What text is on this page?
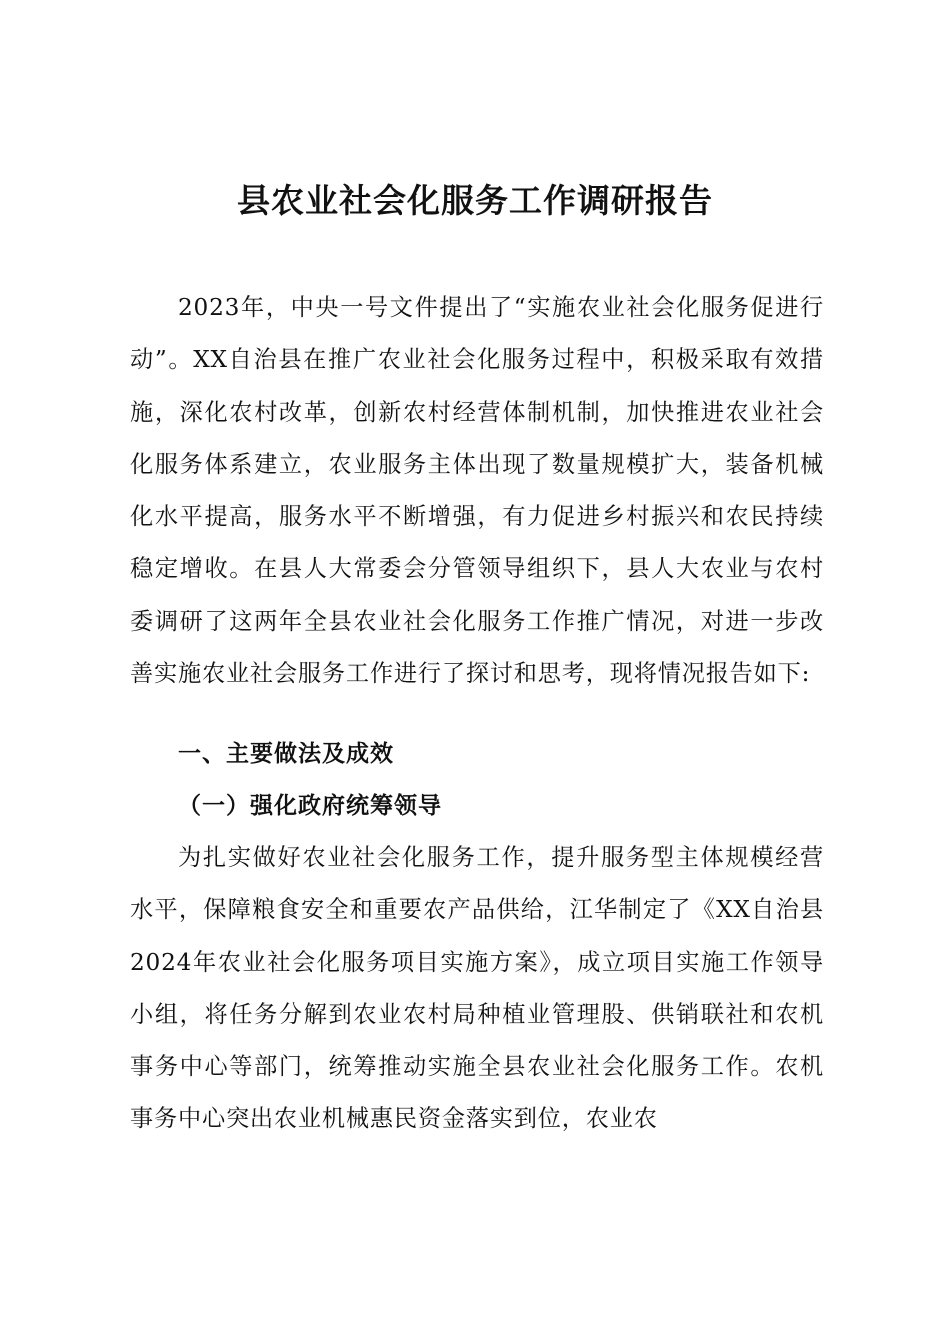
县农业社会化服务工作调研报告

2023年，中央一号文件提出了“实施农业社会化服务促进行动”。XX自治县在推广农业社会化服务过程中，积极采取有效措施，深化农村改革，创新农村经营体制机制，加快推进农业社会化服务体系建立，农业服务主体出现了数量规模扩大，装备机械化水平提高，服务水平不断增强，有力促进乡村振兴和农民持续稳定增收。在县人大常委会分管领导组织下，县人大农业与农村委调研了这两年全县农业社会化服务工作推广情况，对进一步改善实施农业社会服务工作进行了探讨和思考，现将情况报告如下:

一、主要做法及成效
（一）强化政府统筹领导

为扎实做好农业社会化服务工作，提升服务型主体规模经营水平，保障粮食安全和重要农产品供给，江华制定了《XX自治县2024年农业社会化服务项目实施方案》，成立项目实施工作领导小组，将任务分解到农业农村局种植业管理股、供销联社和农机事务中心等部门，统筹推动实施全县农业社会化服务工作。农机事务中心突出农业机械惠民资金落实到位，农业农
